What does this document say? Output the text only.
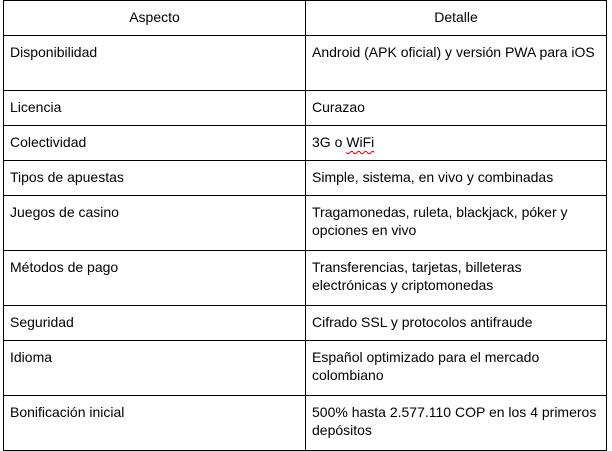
Aspecto	Detalle
Disponibilidad	Android (APK oficial) y versión PWA para iOS
Licencia	Curazao
Colectividad	3G o WiFi
Tipos de apuestas	Simple, sistema, en vivo y combinadas
Juegos de casino	Tragamonedas, ruleta, blackjack, póker y opciones en vivo
Métodos de pago	Transferencias, tarjetas, billeteras electrónicas y criptomonedas
Seguridad	Cifrado SSL y protocolos antifraude
Idioma	Español optimizado para el mercado colombiano
Bonificación inicial	500% hasta 2.577.110 COP en los 4 primeros depósitos
